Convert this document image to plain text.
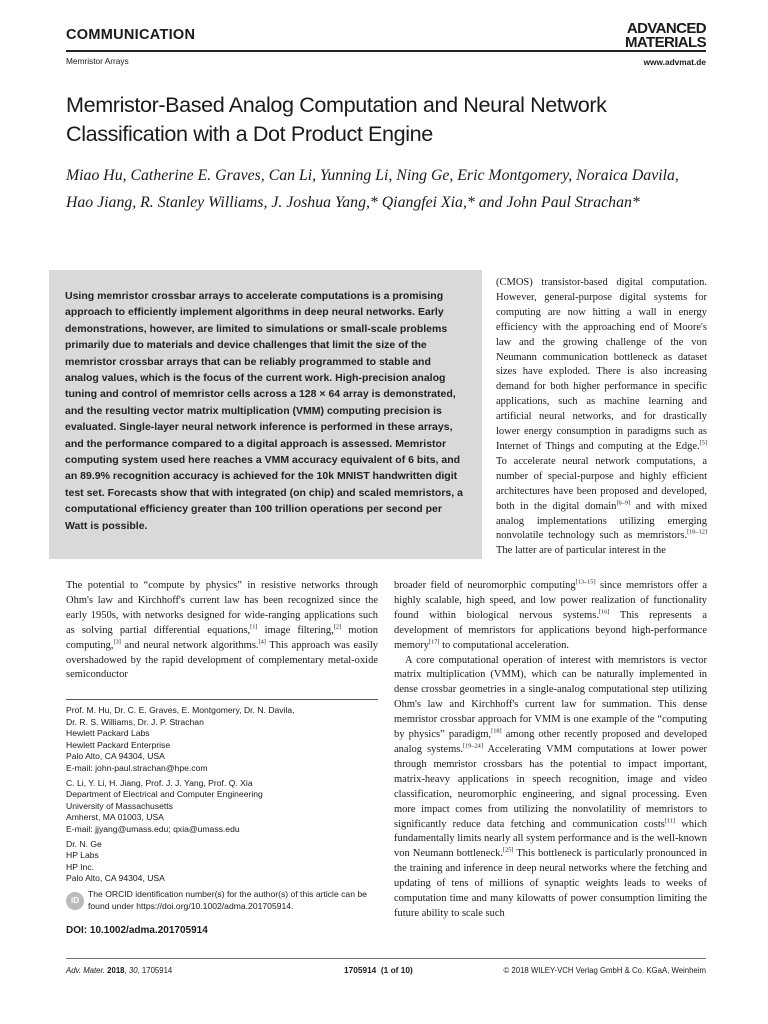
COMMUNICATION	ADVANCED
MATERIALS
Memristor Arrays	www.advmat.de
Memristor-Based Analog Computation and Neural Network Classification with a Dot Product Engine
Miao Hu, Catherine E. Graves, Can Li, Yunning Li, Ning Ge, Eric Montgomery, Noraica Davila, Hao Jiang, R. Stanley Williams, J. Joshua Yang,* Qiangfei Xia,* and John Paul Strachan*

Using memristor crossbar arrays to accelerate computations is a promising approach to efficiently implement algorithms in deep neural networks. Early demonstrations, however, are limited to simulations or small-scale problems primarily due to materials and device challenges that limit the size of the memristor crossbar arrays that can be reliably programmed to stable and analog values, which is the focus of the current work. High-precision analog tuning and control of memristor cells across a 128 × 64 array is demonstrated, and the resulting vector matrix multiplication (VMM) computing precision is evaluated. Single-layer neural network inference is performed in these arrays, and the performance compared to a digital approach is assessed. Memristor computing system used here reaches a VMM accuracy equivalent of 6 bits, and an 89.9% recognition accuracy is achieved for the 10k MNIST handwritten digit test set. Forecasts show that with integrated (on chip) and scaled memristors, a computational efficiency greater than 100 trillion operations per second per Watt is possible.

(CMOS) transistor-based digital computation. However, general-purpose digital systems for computing are now hitting a wall in energy efficiency with the approaching end of Moore's law and the growing challenge of the von Neumann communication bottleneck as dataset sizes have exploded. There is also increasing demand for both higher performance in specific applications, such as machine learning and artificial neural networks, and for drastically lower energy consumption in paradigms such as Internet of Things and computing at the Edge.[5] To accelerate neural network computations, a number of special-purpose and highly efficient architectures have been proposed and developed, both in the digital domain[6–9] and with mixed analog implementations utilizing emerging nonvolatile technology such as memristors.[10–12] The latter are of particular interest in the

The potential to “compute by physics” in resistive networks through Ohm's law and Kirchhoff's current law has been recognized since the early 1950s, with networks designed for wide-ranging applications such as solving partial differential equations,[1] image filtering,[2] motion computing,[3] and neural network algorithms.[4] This approach was easily overshadowed by the rapid development of complementary metal-oxide semiconductor

broader field of neuromorphic computing[13–15] since memristors offer a highly scalable, high speed, and low power realization of functionality found within biological nervous systems.[16] This represents a development of memristors for applications beyond high-performance memory[17] to computational acceleration.

A core computational operation of interest with memristors is vector matrix multiplication (VMM), which can be naturally implemented in dense crossbar geometries in a single-analog computational step utilizing Ohm's law and Kirchhoff's current law for summation. This dense memristor crossbar approach for VMM is one example of the “computing by physics” paradigm,[18] among other recently proposed and developed analog systems.[19–24] Accelerating VMM computations at lower power through memristor crossbars has the potential to impact important, matrix-heavy applications in speech recognition, image and video classification, neuromorphic engineering, and signal processing. Even more impact comes from utilizing the nonvolatility of memristors to significantly reduce data fetching and communication costs[11] which fundamentally limits nearly all system performance and is the well-known von Neumann bottleneck.[25] This bottleneck is particularly pronounced in the training and inference in deep neural networks where the fetching and updating of tens of millions of synaptic weights leads to weeks of computation time and many kilowatts of power consumption limiting the future ability to scale such

Prof. M. Hu, Dr. C. E. Graves, E. Montgomery, Dr. N. Davila,
Dr. R. S. Williams, Dr. J. P. Strachan
Hewlett Packard Labs
Hewlett Packard Enterprise
Palo Alto, CA 94304, USA
E-mail: john-paul.strachan@hpe.com
C. Li, Y. Li, H. Jiang, Prof. J. J. Yang, Prof. Q. Xia
Department of Electrical and Computer Engineering
University of Massachusetts
Amherst, MA 01003, USA
E-mail: jjyang@umass.edu; qxia@umass.edu
Dr. N. Ge
HP Labs
HP Inc.
Palo Alto, CA 94304, USA
iD
The ORCID identification number(s) for the author(s) of this article can be found under https://doi.org/10.1002/adma.201705914.
DOI: 10.1002/adma.201705914
Adv. Mater. 2018, 30, 1705914	1705914  (1 of 10)	© 2018 WILEY-VCH Verlag GmbH & Co. KGaA, Weinheim
